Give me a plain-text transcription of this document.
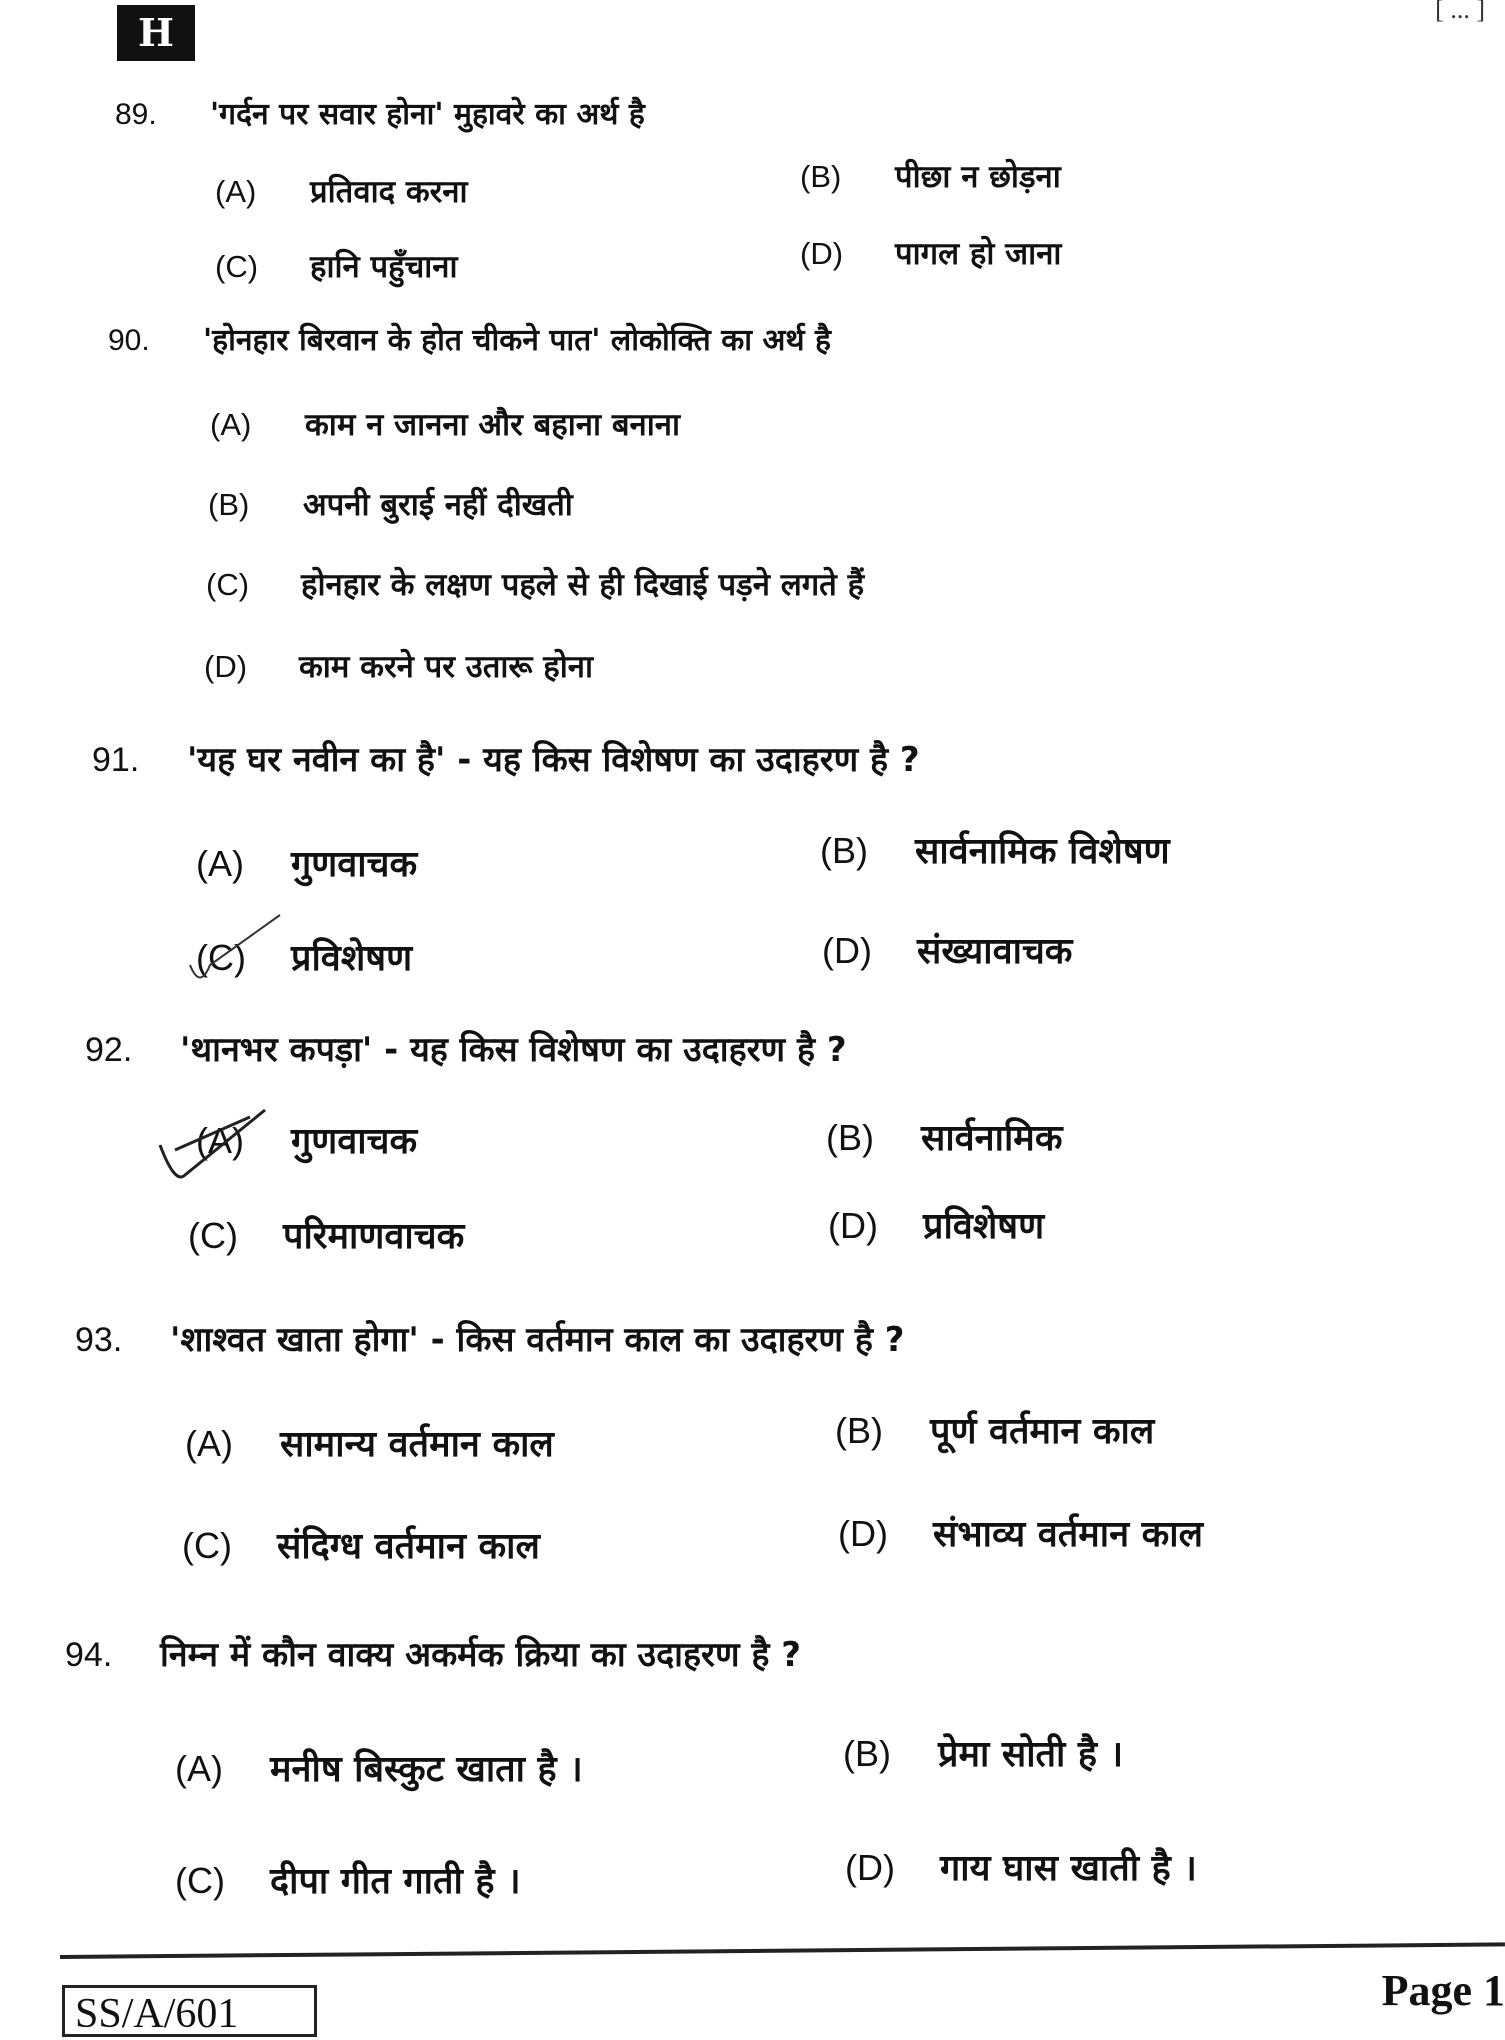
H
[ ... ]
89. 'गर्दन पर सवार होना' मुहावरे का अर्थ है
(A) प्रतिवाद करना	(B) पीछा न छोड़ना
(C) हानि पहुँचाना	(D) पागल हो जाना
90. 'होनहार बिरवान के होत चीकने पात' लोकोक्ति का अर्थ है
(A) काम न जानना और बहाना बनाना
(B) अपनी बुराई नहीं दीखती
(C) होनहार के लक्षण पहले से ही दिखाई पड़ने लगते हैं
(D) काम करने पर उतारू होना
91. 'यह घर नवीन का है' - यह किस विशेषण का उदाहरण है ?
(A) गुणवाचक	(B) सार्वनामिक विशेषण
(C) प्रविशेषण	(D) संख्यावाचक
92. 'थानभर कपड़ा' - यह किस विशेषण का उदाहरण है ?
(A) गुणवाचक	(B) सार्वनामिक
(C) परिमाणवाचक	(D) प्रविशेषण
93. 'शाश्वत खाता होगा' - किस वर्तमान काल का उदाहरण है ?
(A) सामान्य वर्तमान काल	(B) पूर्ण वर्तमान काल
(C) संदिग्ध वर्तमान काल	(D) संभाव्य वर्तमान काल
94. निम्न में कौन वाक्य अकर्मक क्रिया का उदाहरण है ?
(A) मनीष बिस्कुट खाता है ।	(B) प्रेमा सोती है ।
(C) दीपा गीत गाती है ।	(D) गाय घास खाती है ।
SS/A/601	Page 1
